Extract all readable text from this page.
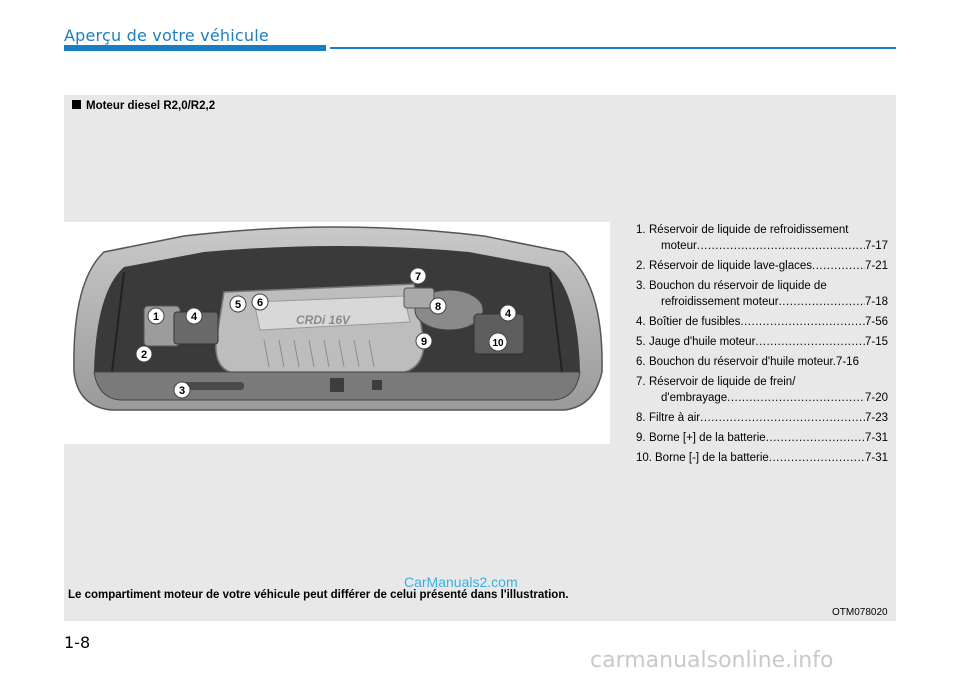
Aperçu de votre véhicule
Moteur diesel R2,0/R2,2
CRDi 16V
1
2
3
4
5 6
7
8
9	10
4
1. Réservoir de liquide de refroidissement
moteur .....	7-17
2. Réservoir de liquide lave-glaces .....	7-21
3. Bouchon du réservoir de liquide de
refroidissement moteur .....	7-18
4. Boîtier de fusibles .....	7-56
5. Jauge d'huile moteur .....	7-15
6. Bouchon du réservoir d'huile moteur. 7-16
7. Réservoir de liquide de frein/
d'embrayage .....	7-20
8. Filtre à air .....	7-23
9. Borne [+] de la batterie .....	7-31
10. Borne [-] de la batterie .....	7-31
CarManuals2.com
Le compartiment moteur de votre véhicule peut différer de celui présenté dans l'illustration.
OTM078020
1-8
carmanualsonline.info
